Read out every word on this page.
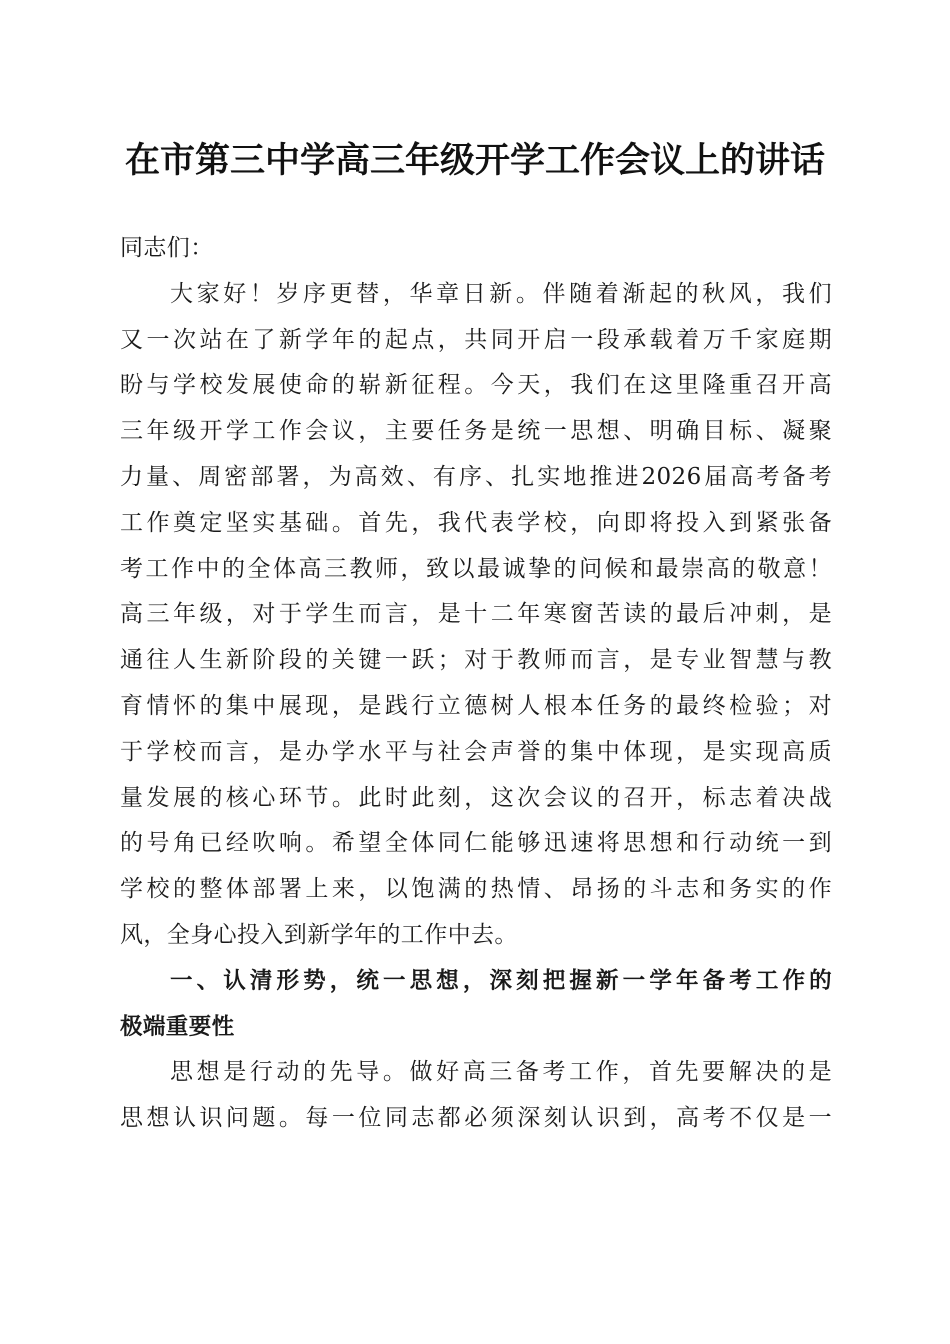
在市第三中学高三年级开学工作会议上的讲话
同志们：
大家好！岁序更替，华章日新。伴随着渐起的秋风，我们
又一次站在了新学年的起点，共同开启一段承载着万千家庭期
盼与学校发展使命的崭新征程。今天，我们在这里隆重召开高
三年级开学工作会议，主要任务是统一思想、明确目标、凝聚
力量、周密部署，为高效、有序、扎实地推进2026届高考备考
工作奠定坚实基础。首先，我代表学校，向即将投入到紧张备
考工作中的全体高三教师，致以最诚挚的问候和最崇高的敬意！
高三年级，对于学生而言，是十二年寒窗苦读的最后冲刺，是
通往人生新阶段的关键一跃；对于教师而言，是专业智慧与教
育情怀的集中展现，是践行立德树人根本任务的最终检验；对
于学校而言，是办学水平与社会声誉的集中体现，是实现高质
量发展的核心环节。此时此刻，这次会议的召开，标志着决战
的号角已经吹响。希望全体同仁能够迅速将思想和行动统一到
学校的整体部署上来，以饱满的热情、昂扬的斗志和务实的作
风，全身心投入到新学年的工作中去。
一、认清形势，统一思想，深刻把握新一学年备考工作的
极端重要性
思想是行动的先导。做好高三备考工作，首先要解决的是
思想认识问题。每一位同志都必须深刻认识到，高考不仅是一
